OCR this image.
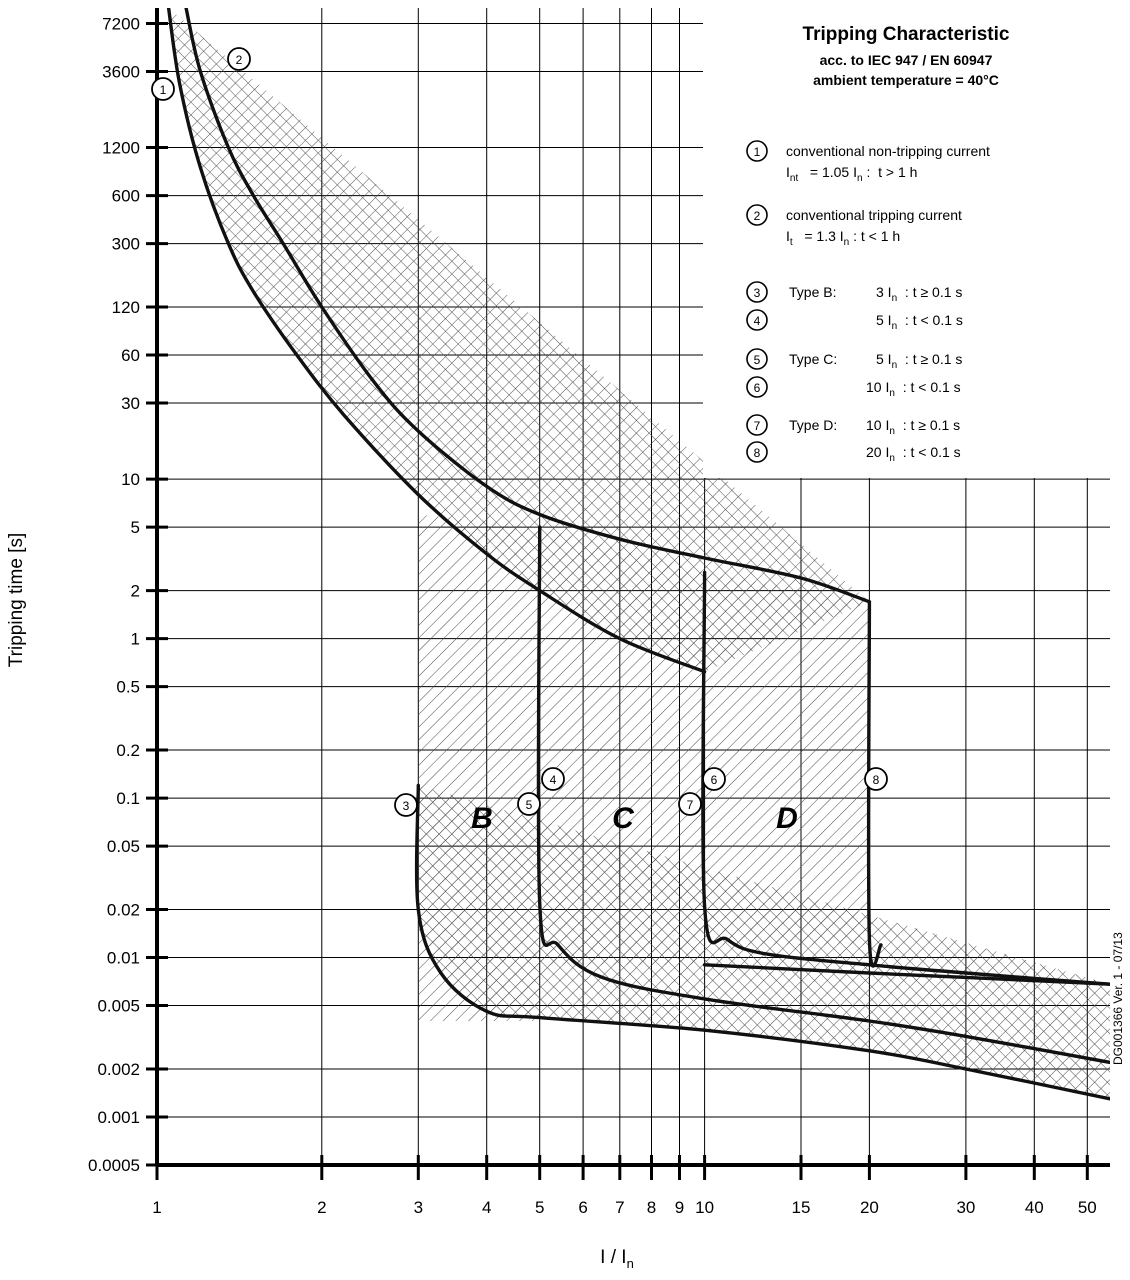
7200
3600
1200
600
300
120
60
30
10
5
2
1
0.5
0.2
0.1
0.05
0.02
0.01
0.005
0.002
0.001
0.0005
1	2	3	4	5 6 7 8 9 10	15	20	30	40 50
Tripping time [s]
I / $I_n$
Tripping Characteristic
acc. to IEC 947 / EN 60947
ambient temperature = 40°C
1 conventional non-tripping current
$I_{nt} = 1.05$ $I_n$ :  t > 1 h
2 conventional tripping current
$I_t = 1.3$ $I_n$ : t < 1 h
3 Type B:	3 $I_n$  : t ≥ 0.1 s
4	5 $I_n$  : t < 0.1 s
5 Type C:	5 $I_n$  : t ≥ 0.1 s
6	10 $I_n$  : t < 0.1 s
7 Type D: 10 $I_n$  : t ≥ 0.1 s
8	20 $I_n$  : t < 0.1 s
1
2
3
4
5
6
7
8
B	C	D
DG001366 Ver. 1 - 07/13
